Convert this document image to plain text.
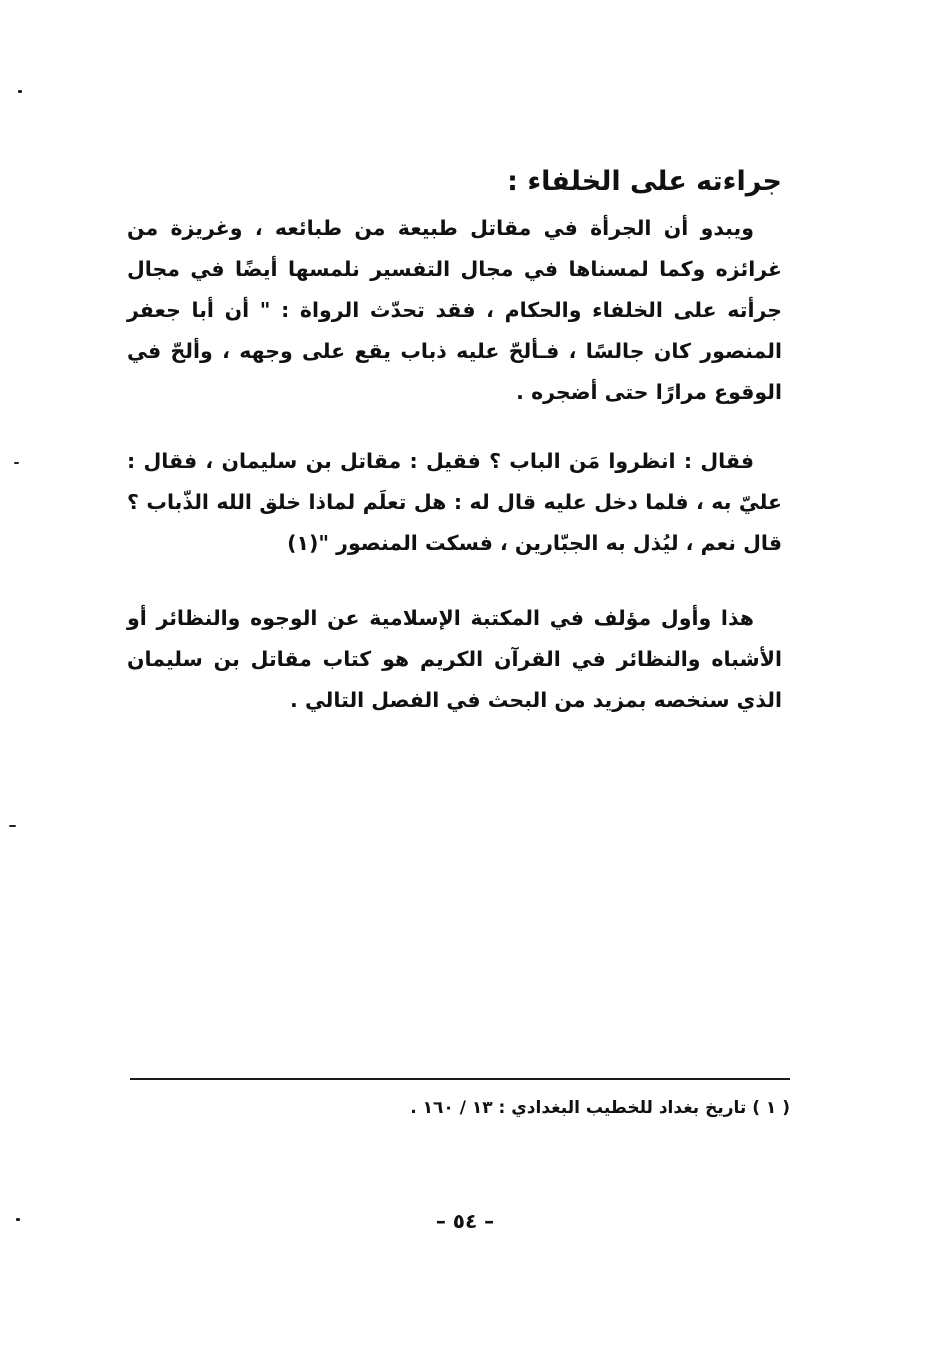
جراءته على الخلفاء :

ويبدو أن الجرأة في مقاتل طبيعة من طبائعه ، وغريزة من غرائزه وكما لمسناها في مجال التفسير نلمسها أيضًا في مجال جرأته على الخلفاء والحكام ، فقد تحدّث الرواة : " أن أبا جعفر المنصور كان جالسًا ، فـألحّ عليه ذباب يقع على وجهه ، وألحّ في الوقوع مرارًا حتى أضجره .

فقال : انظروا مَن الباب ؟ فقيل : مقاتل بن سليمان ، فقال : عليّ به ، فلما دخل عليه قال له : هل تعلَم لماذا خلق الله الذّباب ؟ قال نعم ، ليُذل به الجبّارين ، فسكت المنصور "(١)

هذا وأول مؤلف في المكتبة الإسلامية عن الوجوه والنظائر أو الأشباه والنظائر في القرآن الكريم هو كتاب مقاتل بن سليمان الذي سنخصه بمزيد من البحث في الفصل التالي .

( ١ ) تاريخ بغداد للخطيب البغدادي : ١٣ / ١٦٠ .
– ٥٤ –
